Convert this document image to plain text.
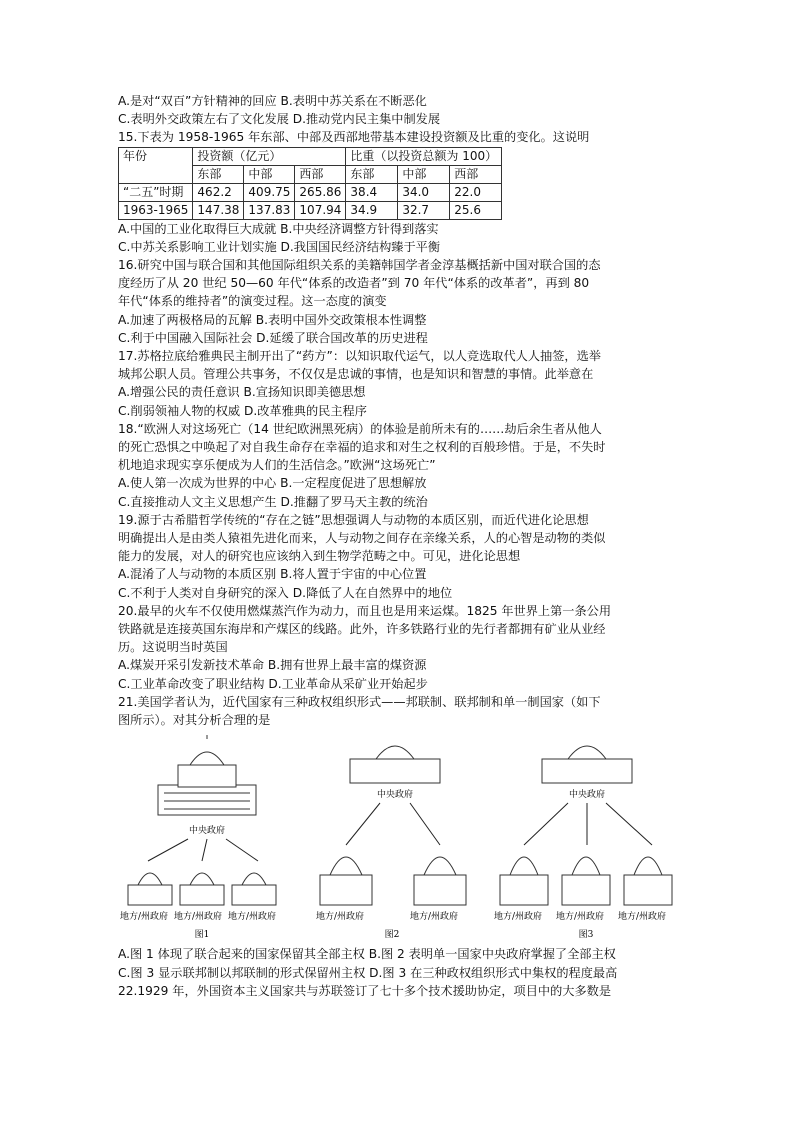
A.是对“双百”方针精神的回应 B.表明中苏关系在不断恶化
C.表明外交政策左右了文化发展 D.推动党内民主集中制发展
15.下表为 1958-1965 年东部、中部及西部地带基本建设投资额及比重的变化。这说明
年份	投资额（亿元）			比重（以投资总额为 100）		
	东部	中部	西部	东部	中部	西部
“二五”时期	462.2	409.75	265.86	38.4	34.0	22.0
1963-1965	147.38	137.83	107.94	34.9	32.7	25.6
A.中国的工业化取得巨大成就 B.中央经济调整方针得到落实
C.中苏关系影响工业计划实施 D.我国国民经济结构臻于平衡
16.研究中国与联合国和其他国际组织关系的美籍韩国学者金淳基概括新中国对联合国的态
度经历了从 20 世纪 50—60 年代“体系的改造者”到 70 年代“体系的改革者”，再到 80
年代“体系的维持者”的演变过程。这一态度的演变
A.加速了两极格局的瓦解 B.表明中国外交政策根本性调整
C.利于中国融入国际社会 D.延缓了联合国改革的历史进程
17.苏格拉底给雅典民主制开出了“药方”：以知识取代运气，以人竞选取代人人抽签，选举
城邦公职人员。管理公共事务，不仅仅是忠诚的事情，也是知识和智慧的事情。此举意在
A.增强公民的责任意识 B.宣扬知识即美德思想
C.削弱领袖人物的权威 D.改革雅典的民主程序
18.“欧洲人对这场死亡（14 世纪欧洲黑死病）的体验是前所未有的……劫后余生者从他人
的死亡恐惧之中唤起了对自我生命存在幸福的追求和对生之权利的百般珍惜。于是，不失时
机地追求现实享乐便成为人们的生活信念。”欧洲“这场死亡”
A.使人第一次成为世界的中心 B.一定程度促进了思想解放
C.直接推动人文主义思想产生 D.推翻了罗马天主教的统治
19.源于古希腊哲学传统的“存在之链”思想强调人与动物的本质区别，而近代进化论思想
明确提出人是由类人猿祖先进化而来，人与动物之间存在亲缘关系，人的心智是动物的类似
能力的发展，对人的研究也应该纳入到生物学范畴之中。可见，进化论思想
A.混淆了人与动物的本质区别 B.将人置于宇宙的中心位置
C.不利于人类对自身研究的深入 D.降低了人在自然界中的地位
20.最早的火车不仅使用燃煤蒸汽作为动力，而且也是用来运煤。1825 年世界上第一条公用
铁路就是连接英国东海岸和产煤区的线路。此外，许多铁路行业的先行者都拥有矿业从业经
历。这说明当时英国
A.煤炭开采引发新技术革命 B.拥有世界上最丰富的煤资源
C.工业革命改变了职业结构 D.工业革命从采矿业开始起步
21.美国学者认为，近代国家有三种政权组织形式——邦联制、联邦制和单一制国家（如下
图所示）。对其分析合理的是
中央政府
地方/州政府 地方/州政府 地方/州政府
图1
中央政府
地方/州政府	地方/州政府
图2
中央政府
地方/州政府 地方/州政府 地方/州政府
图3
A.图 1 体现了联合起来的国家保留其全部主权 B.图 2 表明单一国家中央政府掌握了全部主权
C.图 3 显示联邦制以邦联制的形式保留州主权 D.图 3 在三种政权组织形式中集权的程度最高
22.1929 年，外国资本主义国家共与苏联签订了七十多个技术援助协定，项目中的大多数是
